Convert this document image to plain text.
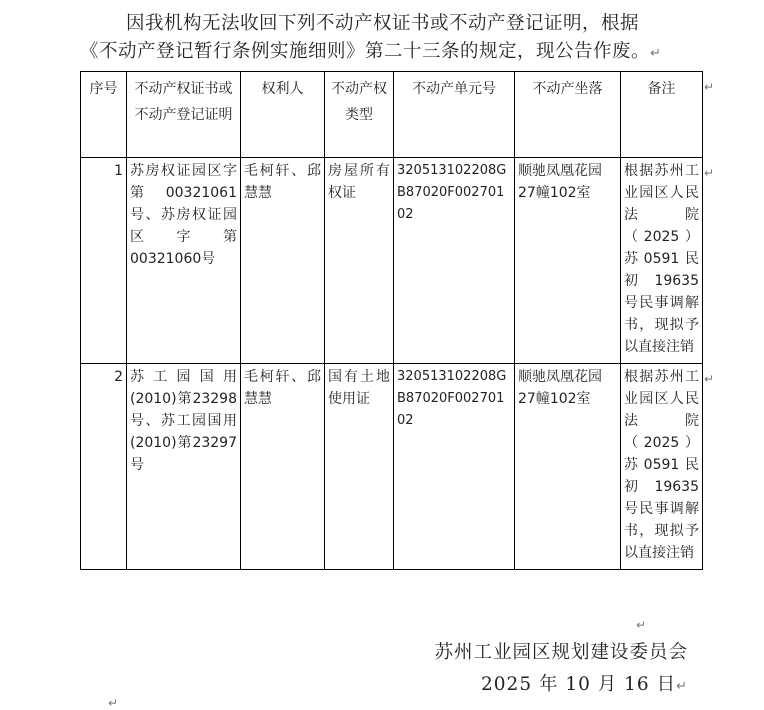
因我机构无法收回下列不动产权证书或不动产登记证明，根据
《不动产登记暂行条例实施细则》第二十三条的规定，现公告作废。↵
序号	不动产权证书或不动产登记证明	权利人	不动产权类型	不动产单元号	不动产坐落	备注
1	苏房权证园区字第 00321061号、苏房权证园区字第00321060号	毛柯轩、邱慧慧	房屋所有权证	320513102208GB87020F00270102	顺驰凤凰花园27幢102室	根据苏州工业园区人民法院（2025）苏0591民初 19635号民事调解书，现拟予以直接注销
2	苏工园国用(2010)第23298号、苏工园国用(2010)第23297号	毛柯轩、邱慧慧	国有土地使用证	320513102208GB87020F00270102	顺驰凤凰花园27幢102室	根据苏州工业园区人民法院（2025）苏0591民初 19635号民事调解书，现拟予以直接注销
↵
↵
↵
↵
苏州工业园区规划建设委员会
2025 年 10 月 16 日↵
↵
